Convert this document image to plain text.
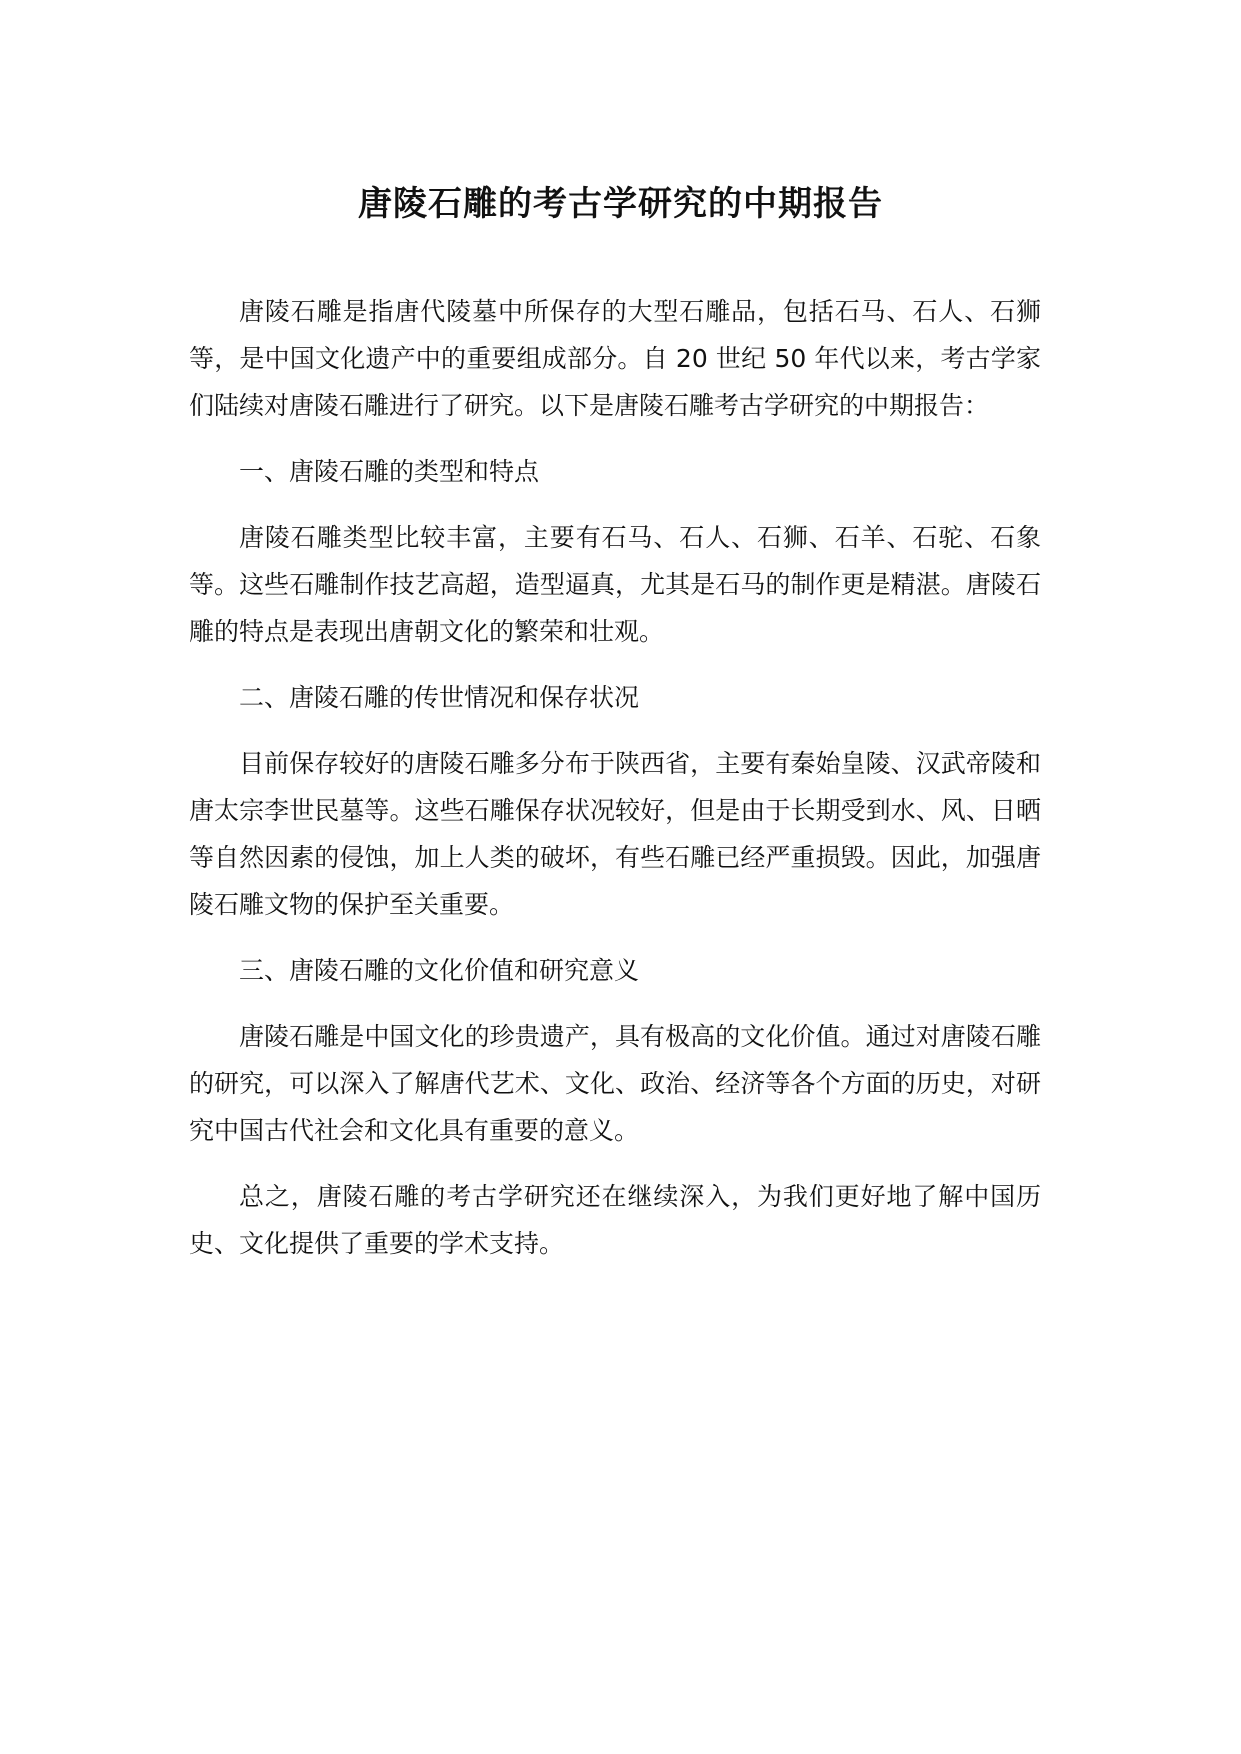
唐陵石雕的考古学研究的中期报告

唐陵石雕是指唐代陵墓中所保存的大型石雕品，包括石马、石人、石狮等，是中国文化遗产中的重要组成部分。自 20 世纪 50 年代以来，考古学家们陆续对唐陵石雕进行了研究。以下是唐陵石雕考古学研究的中期报告：

一、唐陵石雕的类型和特点

唐陵石雕类型比较丰富，主要有石马、石人、石狮、石羊、石驼、石象等。这些石雕制作技艺高超，造型逼真，尤其是石马的制作更是精湛。唐陵石雕的特点是表现出唐朝文化的繁荣和壮观。

二、唐陵石雕的传世情况和保存状况

目前保存较好的唐陵石雕多分布于陕西省，主要有秦始皇陵、汉武帝陵和唐太宗李世民墓等。这些石雕保存状况较好，但是由于长期受到水、风、日晒等自然因素的侵蚀，加上人类的破坏，有些石雕已经严重损毁。因此，加强唐陵石雕文物的保护至关重要。

三、唐陵石雕的文化价值和研究意义

唐陵石雕是中国文化的珍贵遗产，具有极高的文化价值。通过对唐陵石雕的研究，可以深入了解唐代艺术、文化、政治、经济等各个方面的历史，对研究中国古代社会和文化具有重要的意义。

总之，唐陵石雕的考古学研究还在继续深入，为我们更好地了解中国历史、文化提供了重要的学术支持。
